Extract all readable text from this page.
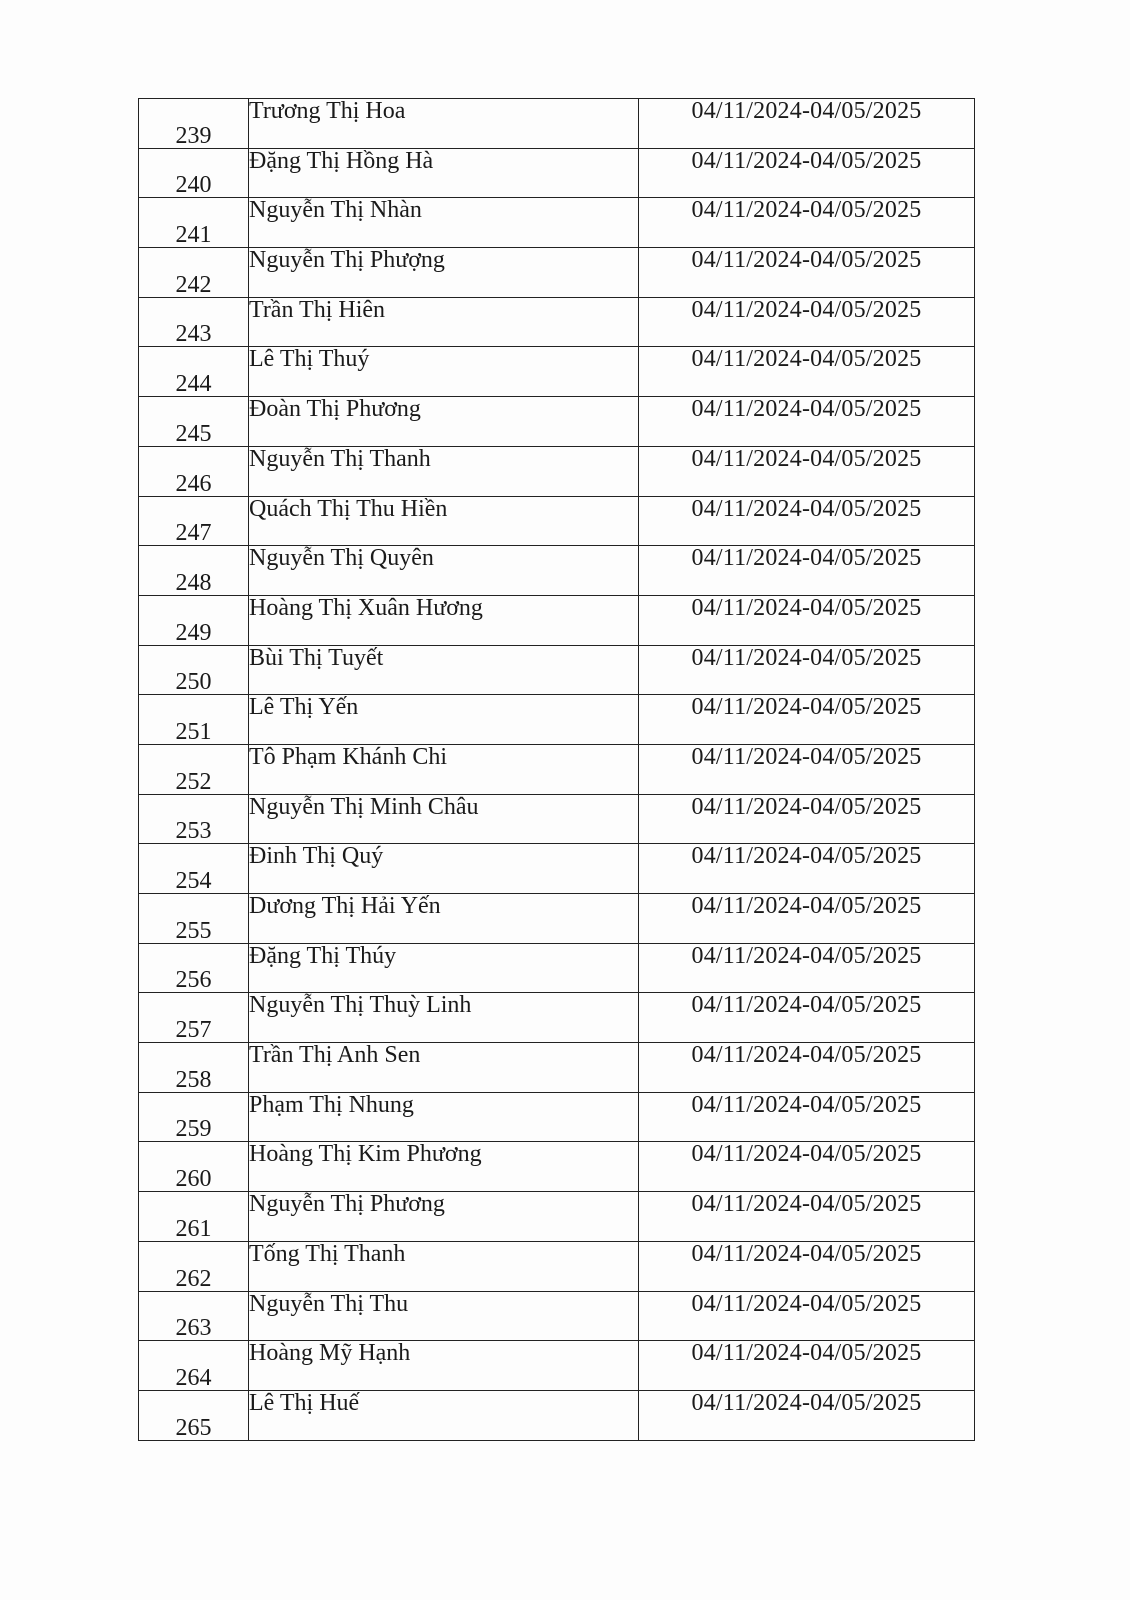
239	Trương Thị Hoa	04/11/2024-04/05/2025
240	Đặng Thị Hồng Hà	04/11/2024-04/05/2025
241	Nguyễn Thị Nhàn	04/11/2024-04/05/2025
242	Nguyễn Thị Phượng	04/11/2024-04/05/2025
243	Trần Thị Hiên	04/11/2024-04/05/2025
244	Lê Thị Thuý	04/11/2024-04/05/2025
245	Đoàn Thị Phương	04/11/2024-04/05/2025
246	Nguyễn Thị Thanh	04/11/2024-04/05/2025
247	Quách Thị Thu Hiền	04/11/2024-04/05/2025
248	Nguyễn Thị Quyên	04/11/2024-04/05/2025
249	Hoàng Thị Xuân Hương	04/11/2024-04/05/2025
250	Bùi Thị Tuyết	04/11/2024-04/05/2025
251	Lê Thị Yến	04/11/2024-04/05/2025
252	Tô Phạm Khánh Chi	04/11/2024-04/05/2025
253	Nguyễn Thị Minh Châu	04/11/2024-04/05/2025
254	Đinh Thị Quý	04/11/2024-04/05/2025
255	Dương Thị Hải Yến	04/11/2024-04/05/2025
256	Đặng Thị Thúy	04/11/2024-04/05/2025
257	Nguyễn Thị Thuỳ Linh	04/11/2024-04/05/2025
258	Trần Thị Anh Sen	04/11/2024-04/05/2025
259	Phạm Thị Nhung	04/11/2024-04/05/2025
260	Hoàng Thị Kim Phương	04/11/2024-04/05/2025
261	Nguyễn Thị Phương	04/11/2024-04/05/2025
262	Tống Thị Thanh	04/11/2024-04/05/2025
263	Nguyễn Thị Thu	04/11/2024-04/05/2025
264	Hoàng Mỹ Hạnh	04/11/2024-04/05/2025
265	Lê Thị Huế	04/11/2024-04/05/2025
